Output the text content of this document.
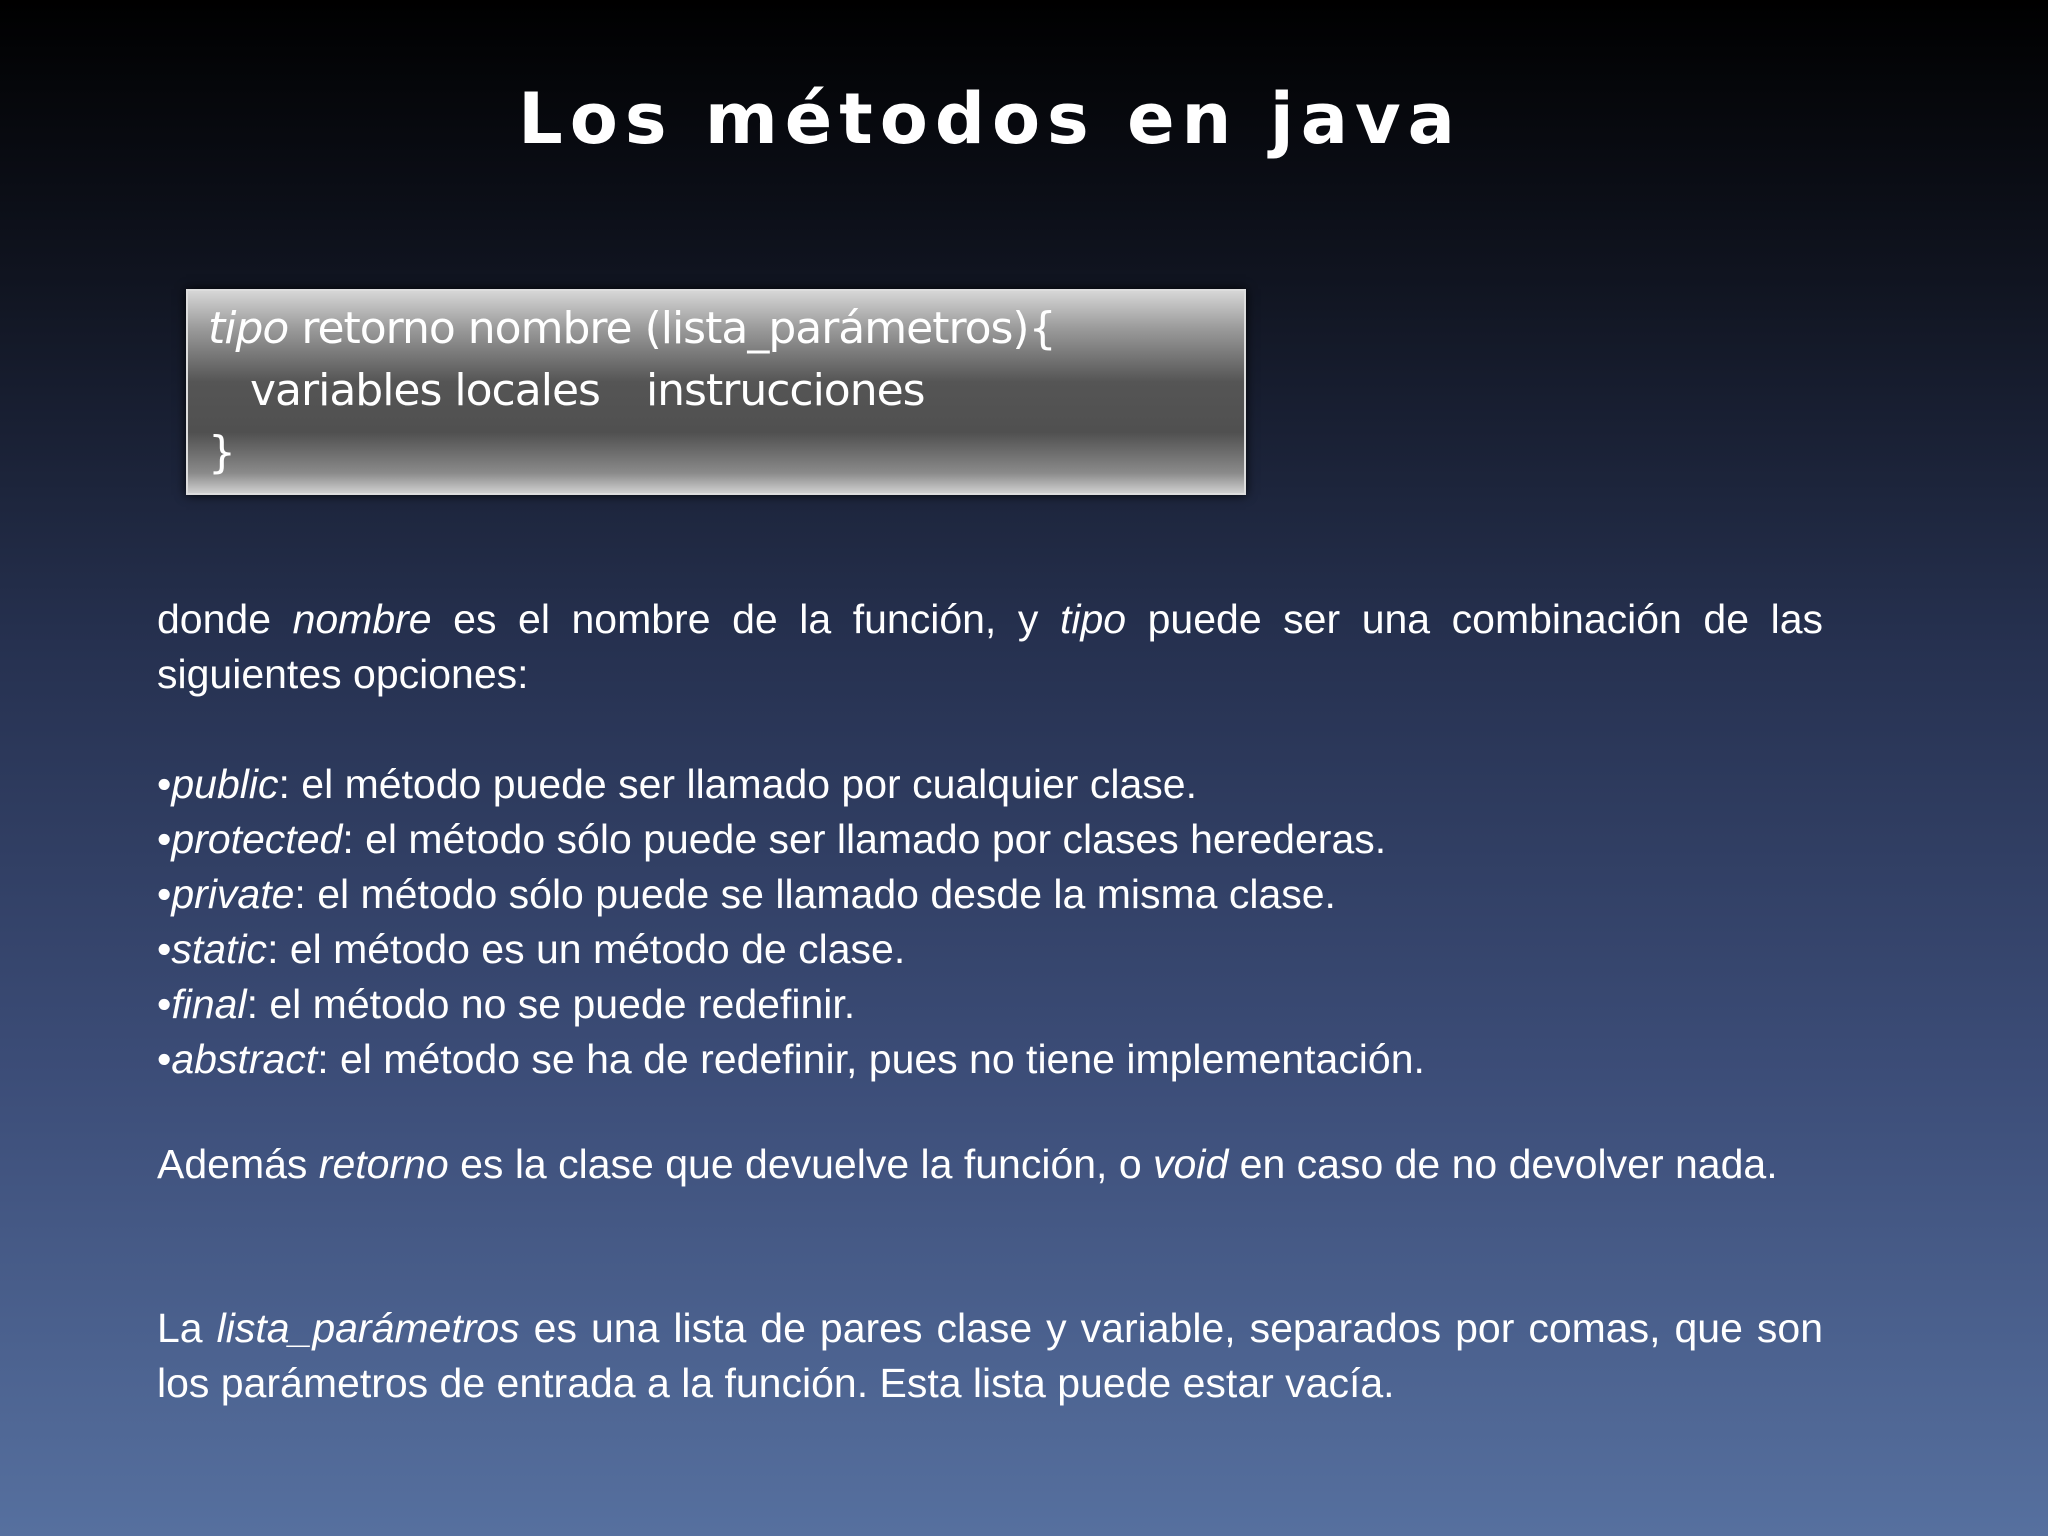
Los métodos en java
tipo retorno nombre (lista_parámetros){
variables locales instrucciones
}
donde nombre es el nombre de la función, y tipo puede ser una combinación de las siguientes opciones:
•public: el método puede ser llamado por cualquier clase.
•protected: el método sólo puede ser llamado por clases herederas.
•private: el método sólo puede se llamado desde la misma clase.
•static: el método es un método de clase.
•final: el método no se puede redefinir.
•abstract: el método se ha de redefinir, pues no tiene implementación.
Además retorno es la clase que devuelve la función, o void en caso de no devolver nada.
La lista_parámetros es una lista de pares clase y variable, separados por comas, que son los parámetros de entrada a la función. Esta lista puede estar vacía.
